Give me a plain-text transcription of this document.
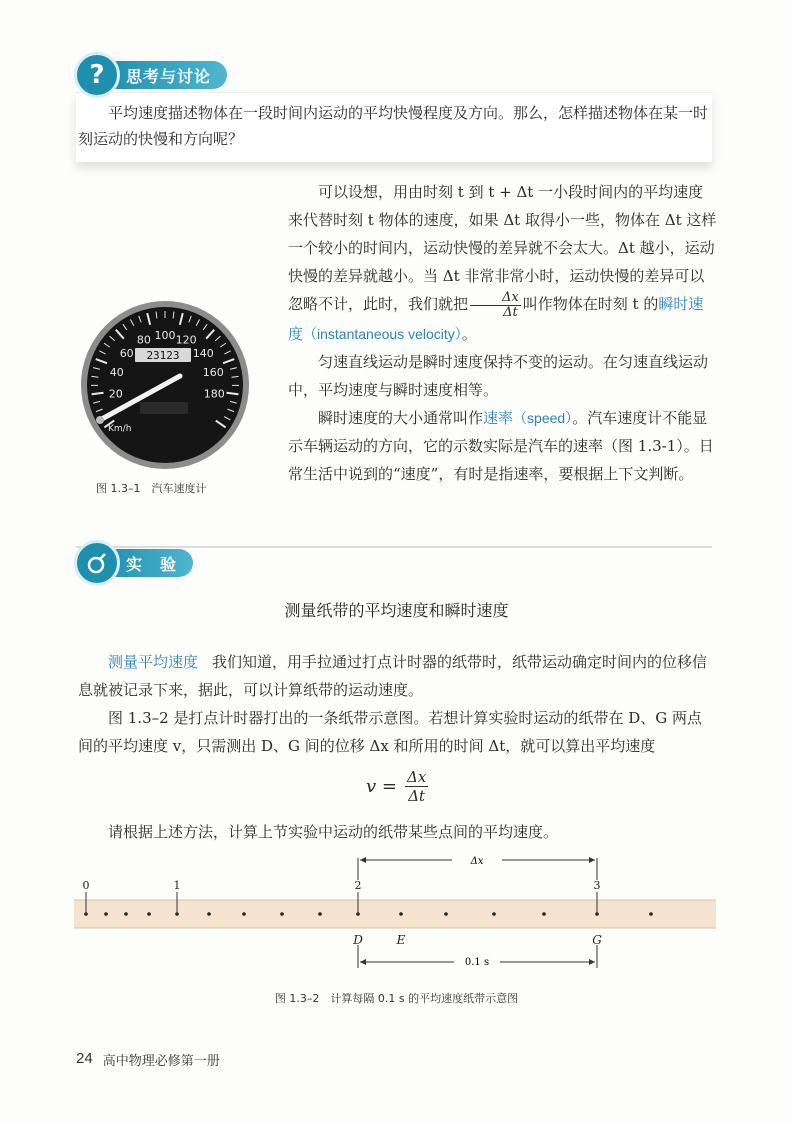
?	思考与讨论
平均速度描述物体在一段时间内运动的平均快慢程度及方向。那么，怎样描述物体在某一时刻运动的快慢和方向呢？
20
40
60
80 100 120
140
160
180
23123
Km/h
图 1.3–1　汽车速度计

可以设想，用由时刻 t 到 t + Δt 一小段时间内的平均速度来代替时刻 t 物体的速度，如果 Δt 取得小一些，物体在 Δt 这样一个较小的时间内，运动快慢的差异就不会太大。Δt 越小，运动快慢的差异就越小。当 Δt 非常非常小时，运动快慢的差异可以忽略不计，此时，我们就把 $\frac{\Delta x}{\Delta t}$ 叫作物体在时刻 t 的瞬时速度（instantaneous velocity）。

匀速直线运动是瞬时速度保持不变的运动。在匀速直线运动中，平均速度与瞬时速度相等。

瞬时速度的大小通常叫作速率（speed）。汽车速度计不能显示车辆运动的方向，它的示数实际是汽车的速率（图 1.3-1）。日常生活中说到的“速度”，有时是指速率，要根据上下文判断。

实　验
测量纸带的平均速度和瞬时速度

测量平均速度 我们知道，用手拉通过打点计时器的纸带时，纸带运动确定时间内的位移信息就被记录下来，据此，可以计算纸带的运动速度。

图 1.3–2 是打点计时器打出的一条纸带示意图。若想计算实验时运动的纸带在 D、G 两点间的平均速度 v，只需测出 D、G 间的位移 Δx 和所用的时间 Δt，就可以算出平均速度

$v = \frac{\Delta x}{\Delta t}$

请根据上述方法，计算上节实验中运动的纸带某些点间的平均速度。

0	1	2	3
D	E	G
Δx
0.1 s
图 1.3–2　计算每隔 0.1 s 的平均速度纸带示意图
24 高中物理必修第一册
